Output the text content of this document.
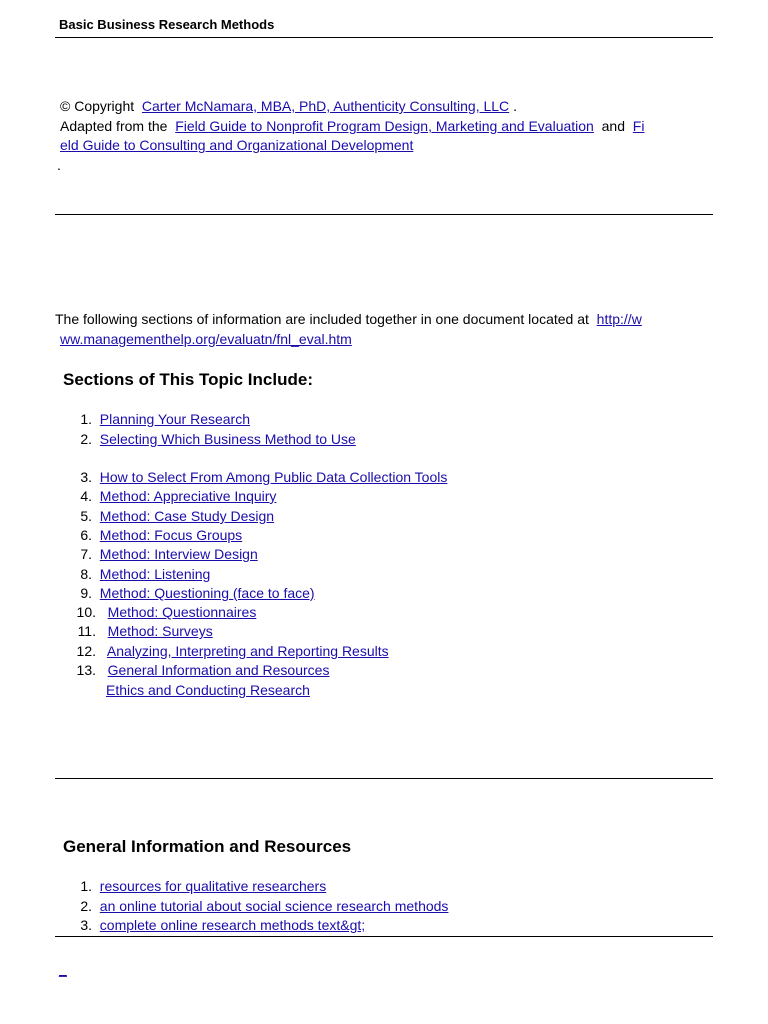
Basic Business Research Methods
© Copyright Carter McNamara, MBA, PhD, Authenticity Consulting, LLC .
Adapted from the Field Guide to Nonprofit Program Design, Marketing and Evaluation and Fi
eld Guide to Consulting and Organizational Development
.
The following sections of information are included together in one document located at http://w
ww.managementhelp.org/evaluatn/fnl_eval.htm
Sections of This Topic Include:
1. Planning Your Research
2. Selecting Which Business Method to Use
3. How to Select From Among Public Data Collection Tools
4. Method: Appreciative Inquiry
5. Method: Case Study Design
6. Method: Focus Groups
7. Method: Interview Design
8. Method: Listening
9. Method: Questioning (face to face)
10. Method: Questionnaires
11. Method: Surveys
12. Analyzing, Interpreting and Reporting Results
13. General Information and Resources
Ethics and Conducting Research
General Information and Resources
1. resources for qualitative researchers
2. an online tutorial about social science research methods
3. complete online research methods text&gt;
_
